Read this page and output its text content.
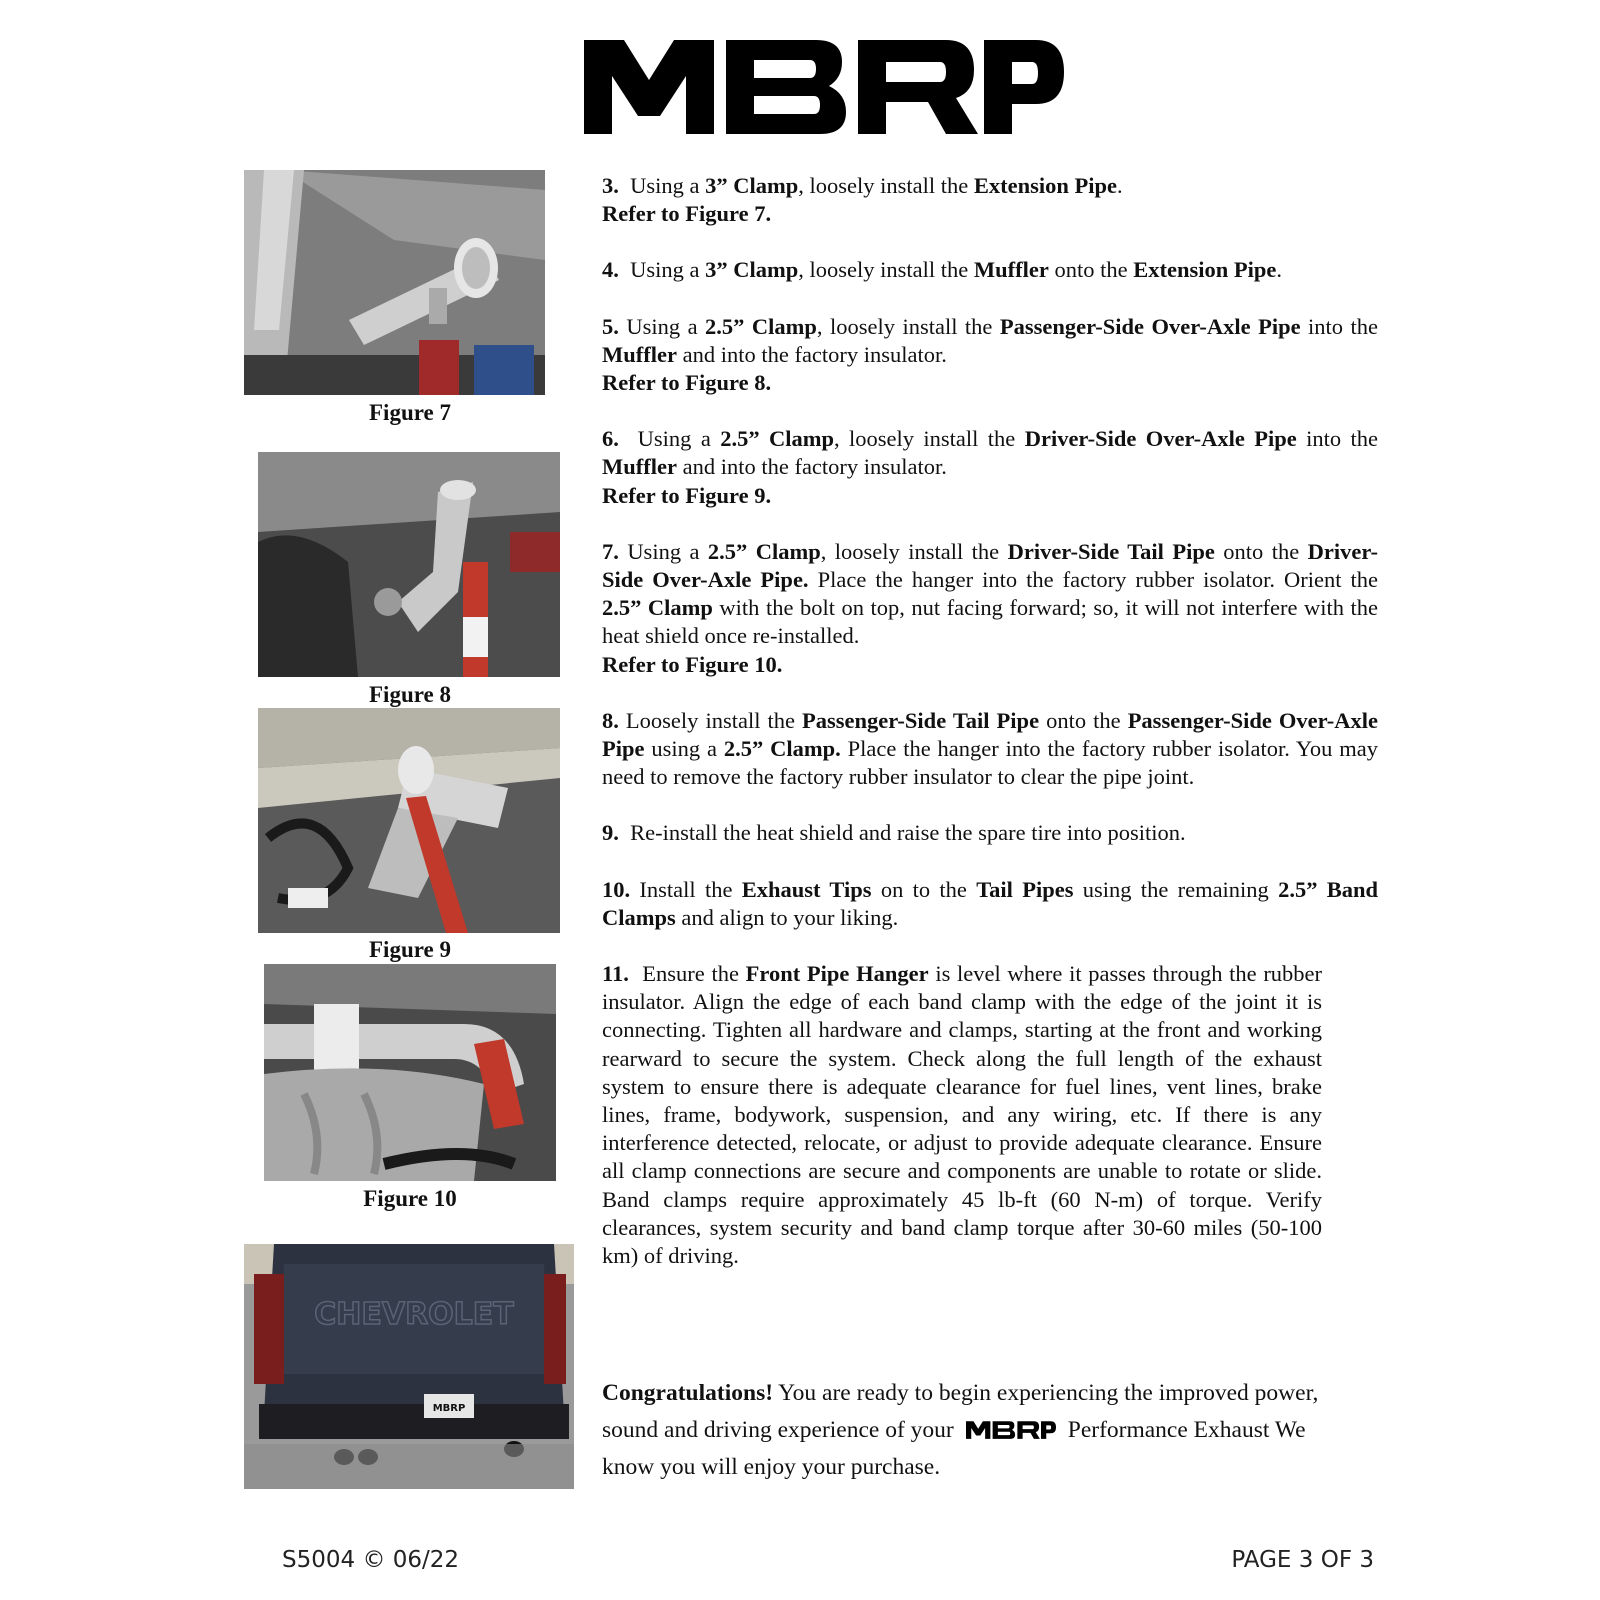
Figure 7
Figure 8
Figure 9
Figure 10
CHEVROLET
MBRP

3. Using a 3” Clamp, loosely install the Extension Pipe.
Refer to Figure 7.

4. Using a 3” Clamp, loosely install the Muffler onto the Extension Pipe.

5. Using a 2.5” Clamp, loosely install the Passenger-Side Over-Axle Pipe into the Muffler and into the factory insulator.
Refer to Figure 8.

6. Using a 2.5” Clamp, loosely install the Driver-Side Over-Axle Pipe into the Muffler and into the factory insulator.
Refer to Figure 9.

7. Using a 2.5” Clamp, loosely install the Driver-Side Tail Pipe onto the Driver-Side Over-Axle Pipe. Place the hanger into the factory rubber isolator. Orient the 2.5” Clamp with the bolt on top, nut facing forward; so, it will not interfere with the heat shield once re-installed.
Refer to Figure 10.

8. Loosely install the Passenger-Side Tail Pipe onto the Passenger-Side Over-Axle Pipe using a 2.5” Clamp. Place the hanger into the factory rubber isolator. You may need to remove the factory rubber insulator to clear the pipe joint.

9. Re-install the heat shield and raise the spare tire into position.

10. Install the Exhaust Tips on to the Tail Pipes using the remaining 2.5” Band Clamps and align to your liking.

11. Ensure the Front Pipe Hanger is level where it passes through the rubber insulator. Align the edge of each band clamp with the edge of the joint it is connecting. Tighten all hardware and clamps, starting at the front and working rearward to secure the system. Check along the full length of the exhaust system to ensure there is adequate clearance for fuel lines, vent lines, brake lines, frame, bodywork, suspension, and any wiring, etc. If there is any interference detected, relocate, or adjust to provide adequate clearance. Ensure all clamp connections are secure and components are unable to rotate or slide. Band clamps require approximately 45 lb-ft (60 N-m) of torque. Verify clearances, system security and band clamp torque after 30-60 miles (50-100 km) of driving.

Congratulations! You are ready to begin experiencing the improved power, sound and driving experience of your	Performance Exhaust We know you will enjoy your purchase.
S5004 © 06/22	PAGE 3 OF 3
